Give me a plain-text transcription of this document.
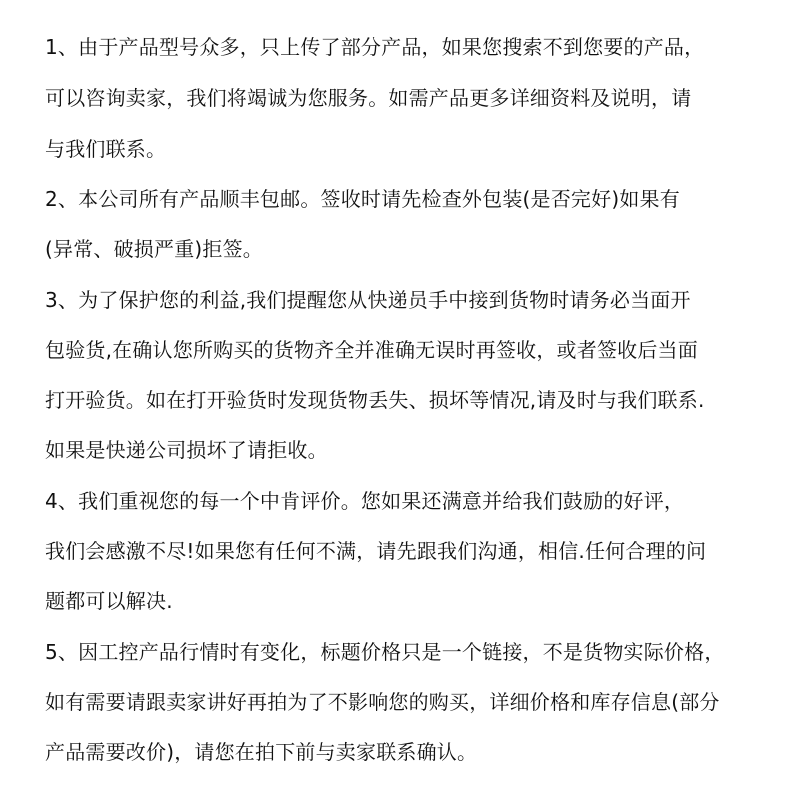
1、由于产品型号众多，只上传了部分产品，如果您搜索不到您要的产品，
可以咨询卖家，我们将竭诚为您服务。如需产品更多详细资料及说明，请
与我们联系。
2、本公司所有产品顺丰包邮。签收时请先检查外包装(是否完好)如果有
(异常、破损严重)拒签。
3、为了保护您的利益,我们提醒您从快递员手中接到货物时请务必当面开
包验货,在确认您所购买的货物齐全并准确无误时再签收，或者签收后当面
打开验货。如在打开验货时发现货物丢失、损坏等情况,请及时与我们联系.
如果是快递公司损坏了请拒收。
4、我们重视您的每一个中肯评价。您如果还满意并给我们鼓励的好评，
我们会感激不尽!如果您有任何不满，请先跟我们沟通，相信.任何合理的问
题都可以解决.
5、因工控产品行情时有变化，标题价格只是一个链接，不是货物实际价格，
如有需要请跟卖家讲好再拍为了不影响您的购买，详细价格和库存信息(部分
产品需要改价)，请您在拍下前与卖家联系确认。
